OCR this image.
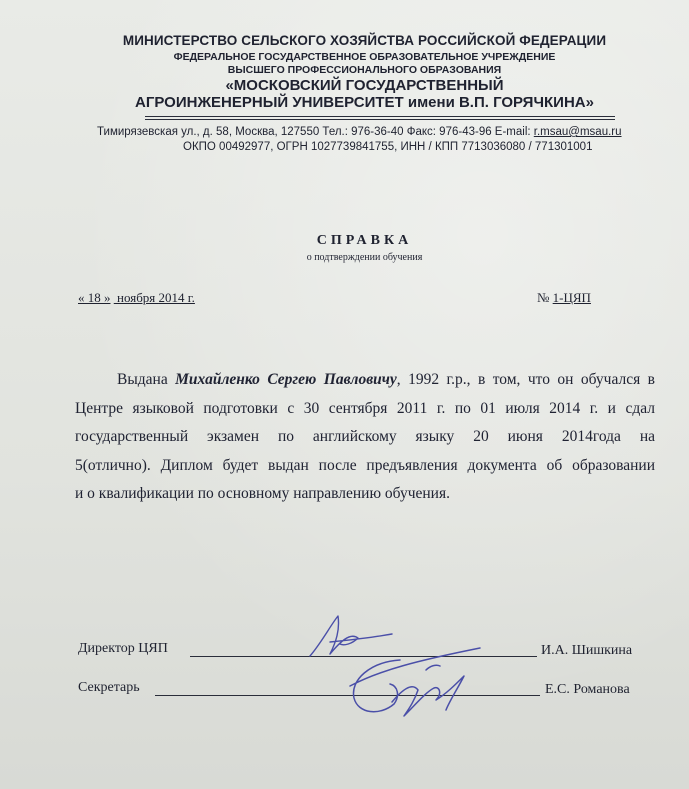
МИНИСТЕРСТВО СЕЛЬСКОГО ХОЗЯЙСТВА РОССИЙСКОЙ ФЕДЕРАЦИИ
ФЕДЕРАЛЬНОЕ ГОСУДАРСТВЕННОЕ ОБРАЗОВАТЕЛЬНОЕ УЧРЕЖДЕНИЕ
ВЫСШЕГО ПРОФЕССИОНАЛЬНОГО ОБРАЗОВАНИЯ
«МОСКОВСКИЙ ГОСУДАРСТВЕННЫЙ
АГРОИНЖЕНЕРНЫЙ УНИВЕРСИТЕТ имени В.П. ГОРЯЧКИНА»
Тимирязевская ул., д. 58, Москва, 127550 Тел.: 976-36-40 Факс: 976-43-96 E-mail: r.msau@msau.ru
ОКПО 00492977, ОГРН 1027739841755, ИНН / КПП 7713036080 / 771301001
СПРАВКА
о подтверждении обучения
« 18 »  ноября 2014 г.	№ 1-ЦЯП
Выдана Михайленко Сергею Павловичу, 1992 г.р., в том, что он обучался в
Центре языковой подготовки с 30 сентября 2011 г. по 01 июля 2014 г. и сдал
государственный экзамен по английскому языку 20 июня 2014года на
5(отлично). Диплом будет выдан после предъявления документа об образовании
и о квалификации по основному направлению обучения.
Директор ЦЯП	И.А. Шишкина
Секретарь	Е.С. Романова
